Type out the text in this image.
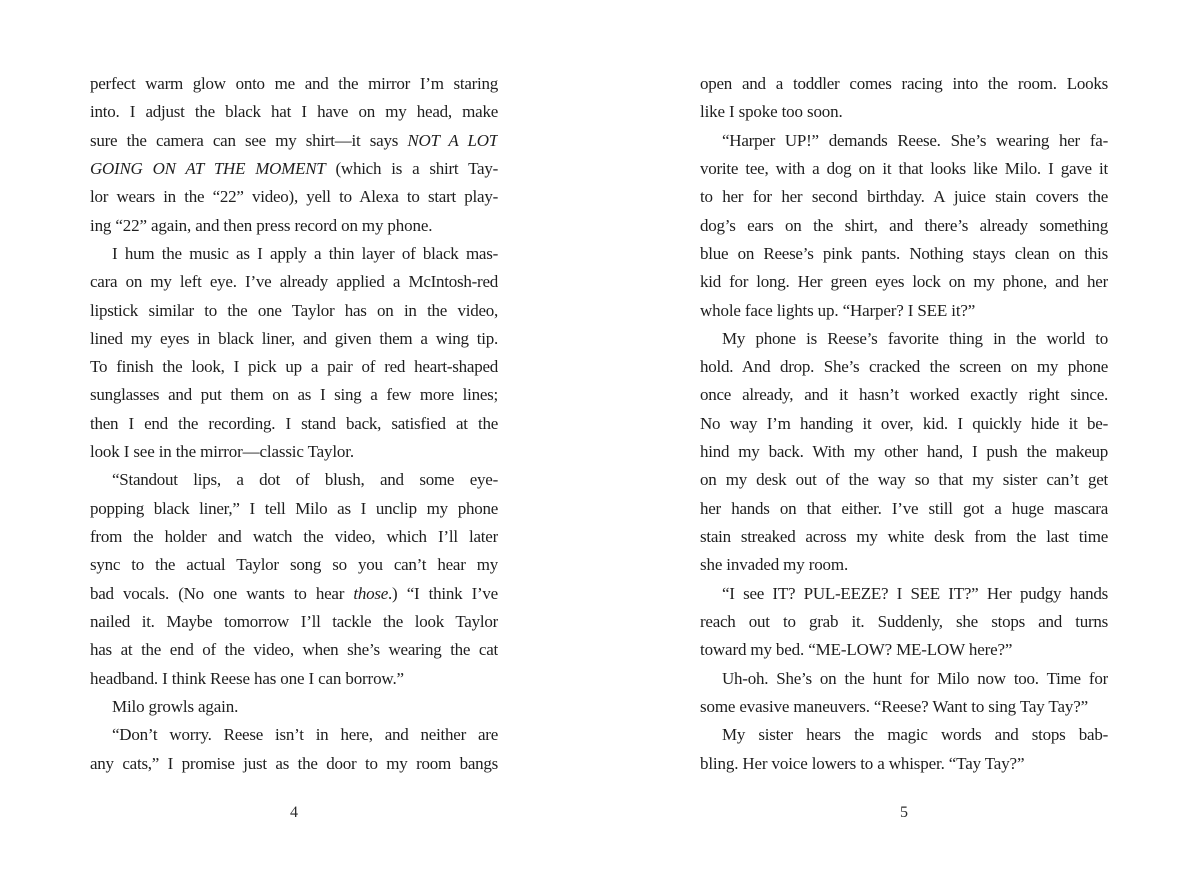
perfect warm glow onto me and the mirror I’m staring
into. I adjust the black hat I have on my head, make
sure the camera can see my shirt—it says NOT A LOT
GOING ON AT THE MOMENT (which is a shirt Tay-
lor wears in the “22” video), yell to Alexa to start play-
ing “22” again, and then press record on my phone.
I hum the music as I apply a thin layer of black mas-
cara on my left eye. I’ve already applied a McIntosh-red
lipstick similar to the one Taylor has on in the video,
lined my eyes in black liner, and given them a wing tip.
To finish the look, I pick up a pair of red heart-shaped
sunglasses and put them on as I sing a few more lines;
then I end the recording. I stand back, satisfied at the
look I see in the mirror—classic Taylor.
“Standout lips, a dot of blush, and some eye-
popping black liner,” I tell Milo as I unclip my phone
from the holder and watch the video, which I’ll later
sync to the actual Taylor song so you can’t hear my
bad vocals. (No one wants to hear those.) “I think I’ve
nailed it. Maybe tomorrow I’ll tackle the look Taylor
has at the end of the video, when she’s wearing the cat
headband. I think Reese has one I can borrow.”
Milo growls again.
“Don’t worry. Reese isn’t in here, and neither are
any cats,” I promise just as the door to my room bangs
4
open and a toddler comes racing into the room. Looks
like I spoke too soon.
“Harper UP!” demands Reese. She’s wearing her fa-
vorite tee, with a dog on it that looks like Milo. I gave it
to her for her second birthday. A juice stain covers the
dog’s ears on the shirt, and there’s already something
blue on Reese’s pink pants. Nothing stays clean on this
kid for long. Her green eyes lock on my phone, and her
whole face lights up. “Harper? I SEE it?”
My phone is Reese’s favorite thing in the world to
hold. And drop. She’s cracked the screen on my phone
once already, and it hasn’t worked exactly right since.
No way I’m handing it over, kid. I quickly hide it be-
hind my back. With my other hand, I push the makeup
on my desk out of the way so that my sister can’t get
her hands on that either. I’ve still got a huge mascara
stain streaked across my white desk from the last time
she invaded my room.
“I see IT? PUL-EEZE? I SEE IT?” Her pudgy hands
reach out to grab it. Suddenly, she stops and turns
toward my bed. “ME-LOW? ME-LOW here?”
Uh-oh. She’s on the hunt for Milo now too. Time for
some evasive maneuvers. “Reese? Want to sing Tay Tay?”
My sister hears the magic words and stops bab-
bling. Her voice lowers to a whisper. “Tay Tay?”
5
